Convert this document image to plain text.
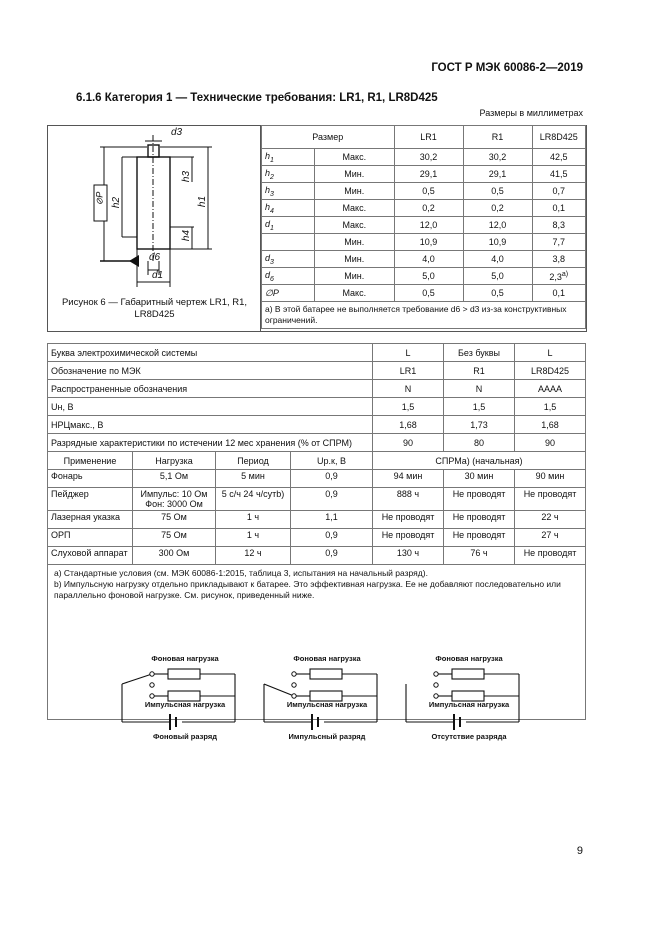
ГОСТ Р МЭК 60086-2—2019
6.1.6 Категория 1 — Технические требования: LR1, R1, LR8D425
Размеры в миллиметрах
d3
h3
h1
h2
h4
⊘P
d6
d1
Рисунок 6 — Габаритный чертеж LR1, R1, LR8D425
Размер		LR1	R1	LR8D425
$h_1$	Макс.	30,2	30,2	42,5
$h_2$	Мин.	29,1	29,1	41,5
$h_3$	Мин.	0,5	0,5	0,7
$h_4$	Макс.	0,2	0,2	0,1
$d_1$	Макс.	12,0	12,0	8,3
	Мин.	10,9	10,9	7,7
$d_3$	Мин.	4,0	4,0	3,8
$d_6$	Мин.	5,0	5,0	2,3$^{a)}$
∅P	Макс.	0,5	0,5	0,1
a) В этой батарее не выполняется требование d6 > d3 из-за конструктивных ограничений.				
Буква электрохимической системы				L	Без буквы	L
Обозначение по МЭК				LR1	R1	LR8D425
Распространенные обозначения				N	N	AAAA
Uн, В				1,5	1,5	1,5
НРЦмакс., В				1,68	1,73	1,68
Разрядные характеристики по истечении 12 мес хранения (% от СПРМ)				90	80	90
Применение	Нагрузка	Период	Uр.к, В	СПРМa) (начальная)		
Фонарь	5,1 Ом	5 мин	0,9	94 мин	30 мин	90 мин
Пейджер	Импульс: 10 Ом Фон: 3000 Ом	5 с/ч 24 ч/сутb)	0,9	888 ч	Не проводят	Не проводят
Лазерная указка	75 Ом	1 ч	1,1	Не проводят	Не проводят	22 ч
ОРП	75 Ом	1 ч	0,9	Не проводят	Не проводят	27 ч
Слуховой аппарат	300 Ом	12 ч	0,9	130 ч	76 ч	Не проводят

a) Стандартные условия (см. МЭК 60086-1:2015, таблица 3, испытания на начальный разряд).
b) Импульсную нагрузку отдельно прикладывают к батарее. Это эффективная нагрузка. Ее не добавляют последовательно или параллельно фоновой нагрузке. См. рисунок, приведенный ниже.						
Фоновая нагрузка
Импульсная нагрузка
Фоновый разряд
Фоновая нагрузка
Импульсная нагрузка
Импульсный разряд
Фоновая нагрузка
Импульсная нагрузка
Отсутствие разряда
9
